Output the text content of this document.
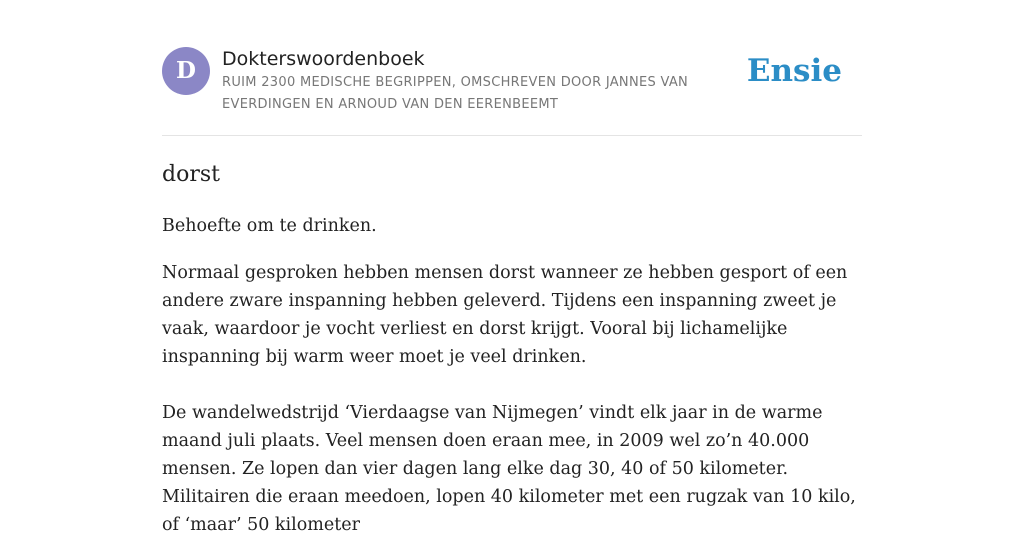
D	Dokterswoordenboek
RUIM 2300 MEDISCHE BEGRIPPEN, OMSCHREVEN DOOR JANNES VAN EVERDINGEN EN ARNOUD VAN DEN EERENBEEMT
Ensie
dorst

Behoefte om te drinken.

Normaal gesproken hebben mensen dorst wanneer ze hebben gesport of een andere zware inspanning hebben geleverd. Tijdens een inspanning zweet je vaak, waardoor je vocht verliest en dorst krijgt. Vooral bij lichamelijke inspanning bij warm weer moet je veel drinken.

De wandelwedstrijd ‘Vierdaagse van Nijmegen’ vindt elk jaar in de warme maand juli plaats. Veel mensen doen eraan mee, in 2009 wel zo’n 40.000 mensen. Ze lopen dan vier dagen lang elke dag 30, 40 of 50 kilometer. Militairen die eraan meedoen, lopen 40 kilometer met een rugzak van 10 kilo, of ‘maar’ 50 kilometer
